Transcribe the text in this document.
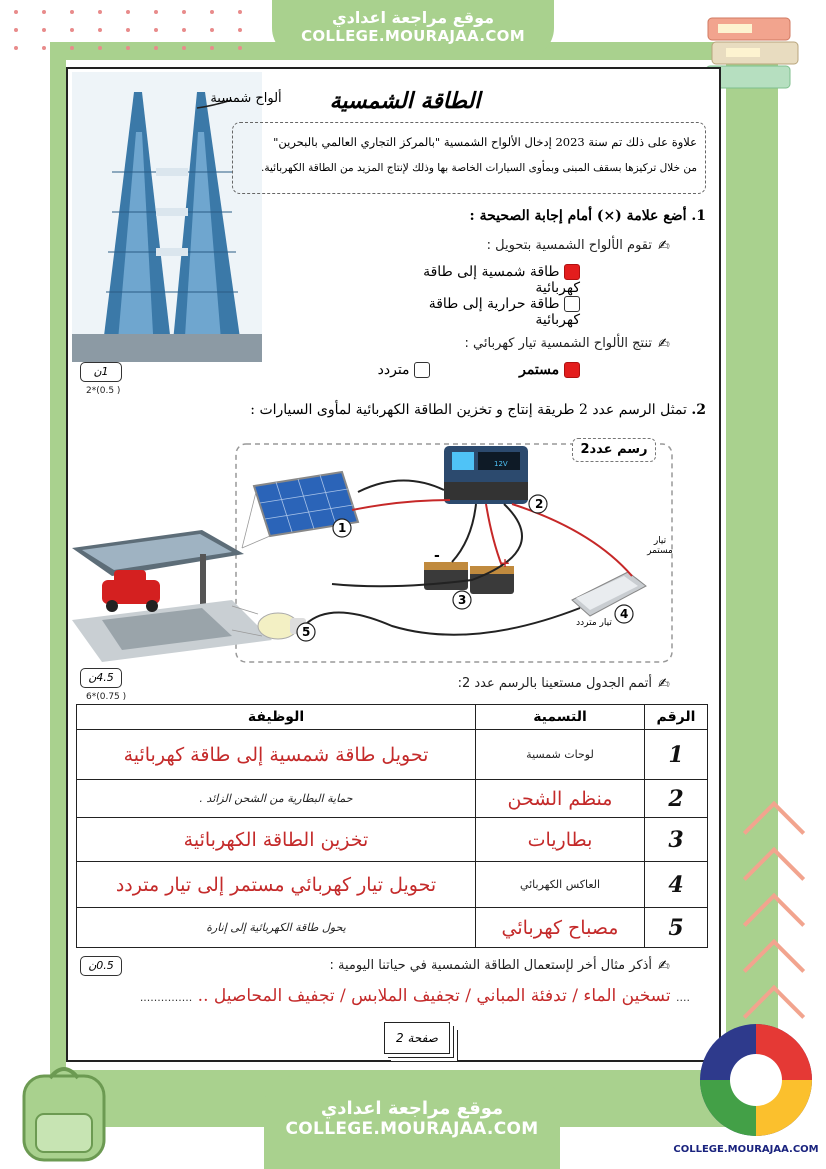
موقع مراجعة اعدادي
COLLEGE.MOURAJAA.COM
الطاقة الشمسية
ألواح شمسية
علاوة على ذلك تم سنة 2023 إدخال الألواح الشمسية "بالمركز التجاري العالمي بالبحرين"
من خلال تركيزها بسقف المبنى وبمأوى السيارات الخاصة بها وذلك لإنتاج المزيد من الطاقة الكهربائية.
1. أضع علامة (×) أمام إجابة الصحيحة :
✍
تقوم الألواح الشمسية بتحويل :
طاقة شمسية إلى طاقة كهربائية
طاقة حرارية إلى طاقة كهربائية
✍
تنتج الألواح الشمسية تيار كهربائي :
مستمر
متردد
1ن
2*(0.5 )
2. تمثل الرسم عدد 2 طريقة إنتاج و تخزين الطاقة الكهربائية لمأوى السيارات :
1
2
3
4
5
-	+
12V
تيار مستمر
تيار متردد
رسم عدد2
✍
أتمم الجدول مستعينا بالرسم عدد 2:
4.5ن
6*(0.75 )
الرقم	التسمية	الوظيفة
1	لوحات شمسية	تحويل طاقة شمسية إلى طاقة كهربائية
2	منظم الشحن	حماية البطارية من الشحن الزائد .
3	بطاريات	تخزين الطاقة الكهربائية
4	العاكس الكهربائي	تحويل تيار كهربائي مستمر إلى تيار متردد
5	مصباح كهربائي	يحول طاقة الكهربائية إلى إنارة
✍
أذكر مثال أخر لإستعمال الطاقة الشمسية في حياتنا اليومية :
0.5ن
.... تسخين الماء / تدفئة المباني / تجفيف الملابس / تجفيف المحاصيل .. ...............
صفحة 2
موقع مراجعة اعدادي
COLLEGE.MOURAJAA.COM
COLLEGE.MOURAJAA.COM
